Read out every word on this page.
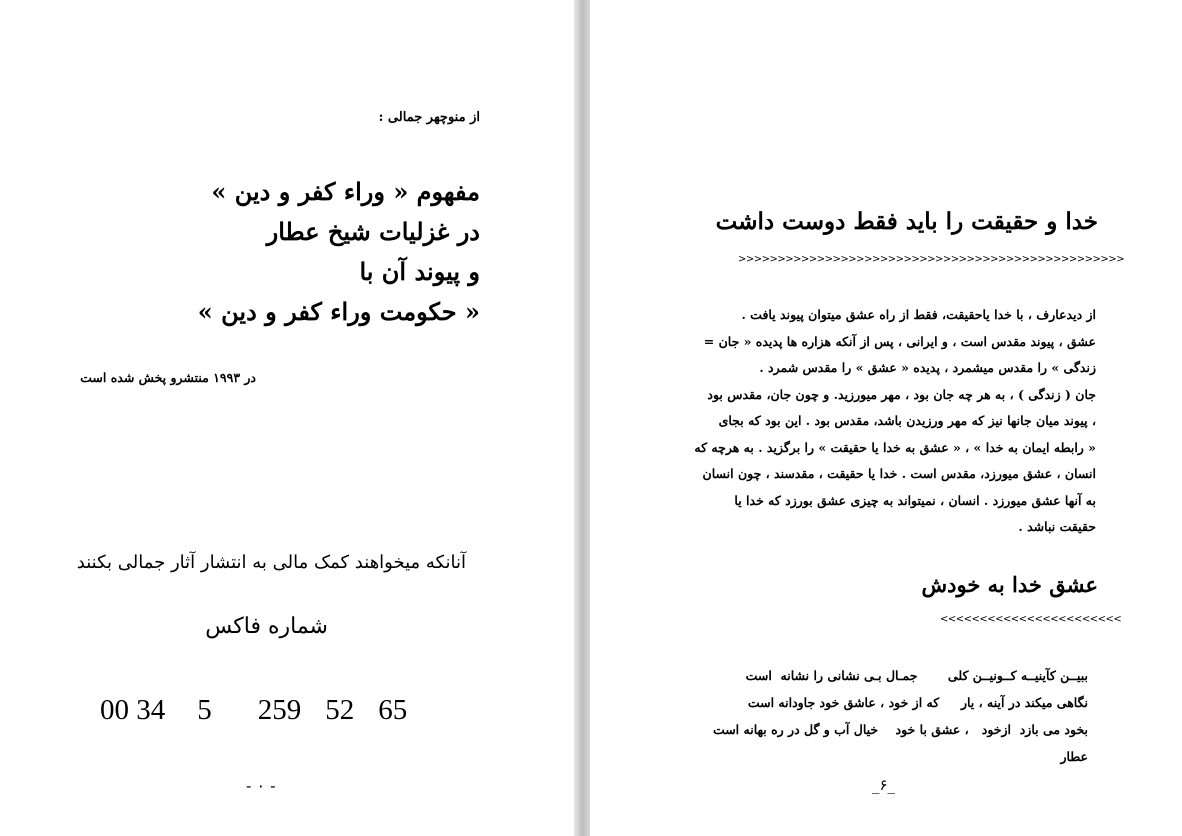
از منوچهر جمالی :
مفهوم « وراء کفر و دین »
در غزلیات شیخ عطار
و پیوند آن با
« حکومت وراء کفر و دین »
در ۱۹۹۳ منتشرو پخش شده است
آنانکه میخواهند کمک مالی به انتشار آثار جمالی بکنند
شماره فاکس
00 34 5 259 52 65
- ۰ -
خدا و حقیقت را باید فقط دوست داشت
>>>>>>>>>>>>>>>>>>>>>>>>>>>>>>>>>>>>>>>>>>>>>>>>>

از دیدعارف ، با خدا یاحقیقت، فقط از راه عشق میتوان پیوند یافت .

عشق ، پیوند مقدس است ، و ایرانی ، پس از آنکه هزاره ها پدیده « جان =

زندگی » را مقدس میشمرد ، پدیده « عشق » را مقدس شمرد .

جان ( زندگی ) ، به هر چه جان بود ، مهر میورزید. و چون جان، مقدس بود

، پیوند میان جانها نیز که مهر ورزیدن باشد، مقدس بود . این بود که بجای

« رابطه ایمان به خدا » ، « عشق به خدا یا حقیقت » را برگزید . به هرچه که

انسان ، عشق میورزد، مقدس است . خدا یا حقیقت ، مقدسند ، چون انسان

به آنها عشق میورزد . انسان ، نمیتواند به چیزی عشق بورزد که خدا یا

حقیقت نباشد .

عشق خدا به خودش
<<<<<<<<<<<<<<<<<<<<<<<
ببیــن کآینیــه کــونیــن کلی       جمـال بـی نشانی را نشانه  است
نگاهی میکند در آینه ، یار     که از خود ، عاشق خود جاودانه است
بخود می بازد  ازخود   ، عشق با خود    خیال آب و گل در ره بهانه است
عطار
_۶_
